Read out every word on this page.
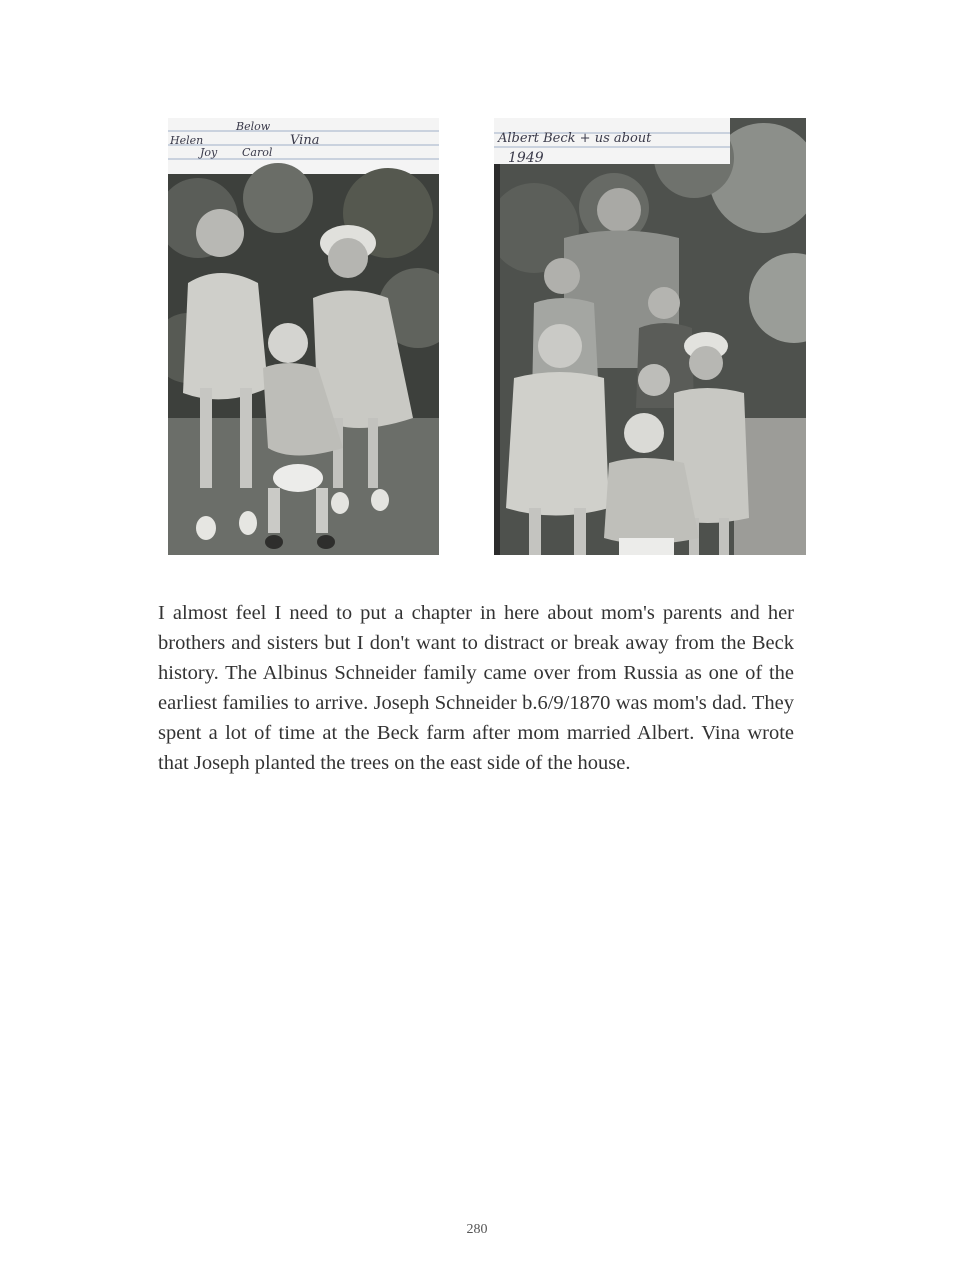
Below
Helen	Vina
Joy Carol
Albert Beck + us about
1949
I almost feel I need to put a chapter in here about mom's parents and her brothers and sisters but I don't want to distract or break away from the Beck history. The Albinus Schneider family came over from Russia as one of the earliest families to arrive. Joseph Schneider b.6/9/1870 was mom's dad. They spent a lot of time at the Beck farm after mom married Albert. Vina wrote that Joseph planted the trees on the east side of the house.
280
